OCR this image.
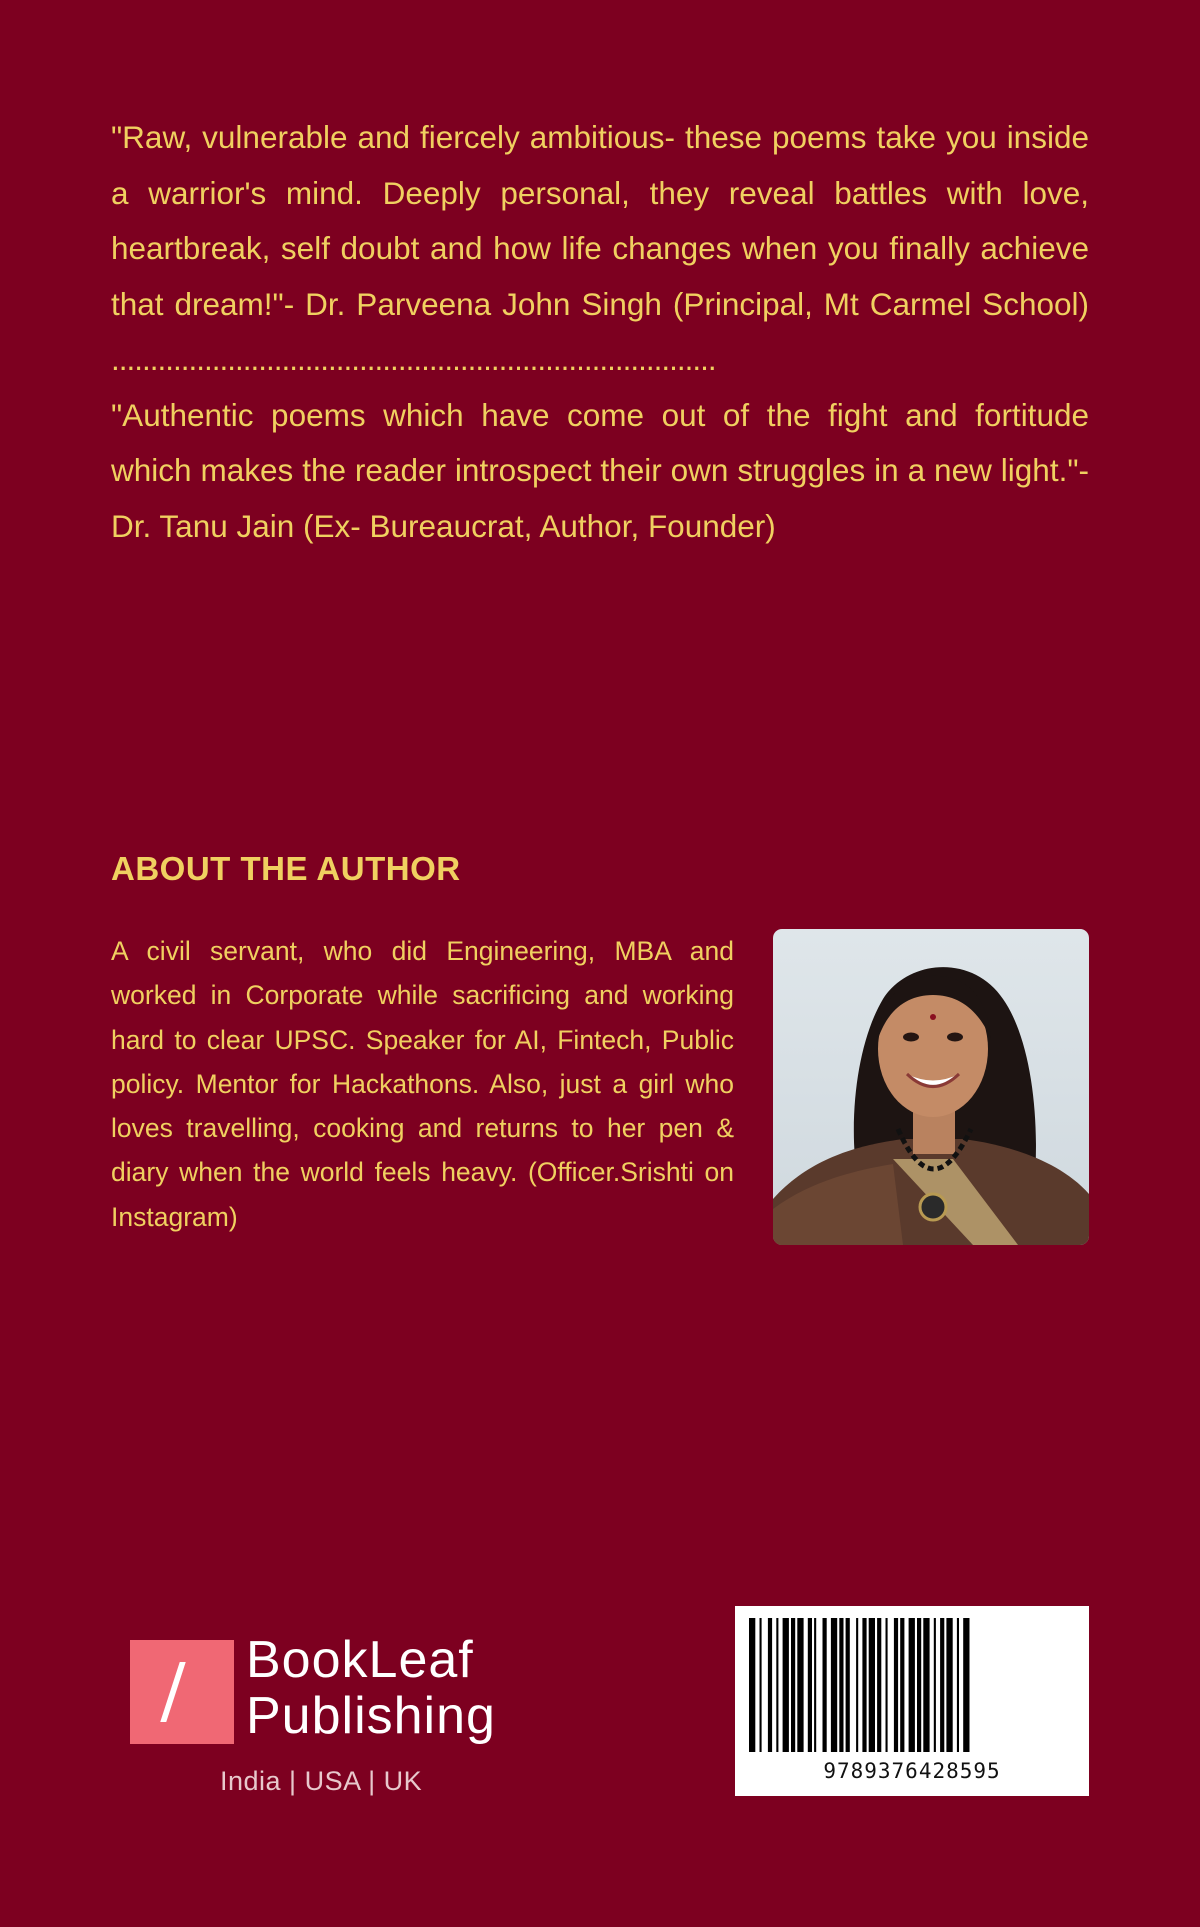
"Raw, vulnerable and fiercely ambitious- these poems take you inside a warrior's mind. Deeply personal, they reveal battles with love, heartbreak, self doubt and how life changes when you finally achieve that dream!"- Dr. Parveena John Singh (Principal, Mt Carmel School) ..............................................................................

"Authentic poems which have come out of the fight and fortitude which makes the reader introspect their own struggles in a new light."- Dr. Tanu Jain (Ex- Bureaucrat, Author, Founder)

ABOUT THE AUTHOR

A civil servant, who did Engineering, MBA and worked in Corporate while sacrificing and working hard to clear UPSC. Speaker for AI, Fintech, Public policy. Mentor for Hackathons. Also, just a girl who loves travelling, cooking and returns to her pen & diary when the world feels heavy. (Officer.Srishti on Instagram)

BookLeaf
Publishing
India | USA | UK	9789376428595
